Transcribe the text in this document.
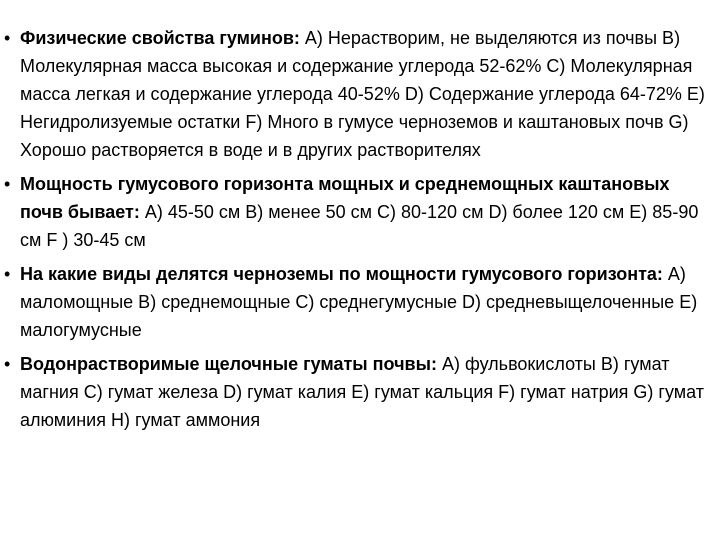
• Физические свойства гуминов: А) Нерастворим, не выделяются из почвы В) Молекулярная масса высокая и содержание углерода 52-62% С) Молекулярная масса легкая и содержание углерода 40-52% D) Содержание углерода 64-72% Е) Негидролизуемые остатки F) Много в гумусе черноземов и каштановых почв G) Хорошо растворяется в воде и в других растворителях
• Мощность гумусового горизонта мощных и среднемощных каштановых почв бывает: А) 45-50 см В) менее 50 см С) 80-120 см D) более 120 см Е) 85-90 см F ) 30-45 см
• На какие виды делятся черноземы по мощности гумусового горизонта: А) маломощные В) среднемощные С) среднегумусные D) средневыщелоченные Е) малогумусные
• Водонрастворимые щелочные гуматы почвы: А) фульвокислоты В) гумат магния С) гумат железа D) гумат калия Е) гумат кальция F) гумат натрия G) гумат алюминия H) гумат аммония
